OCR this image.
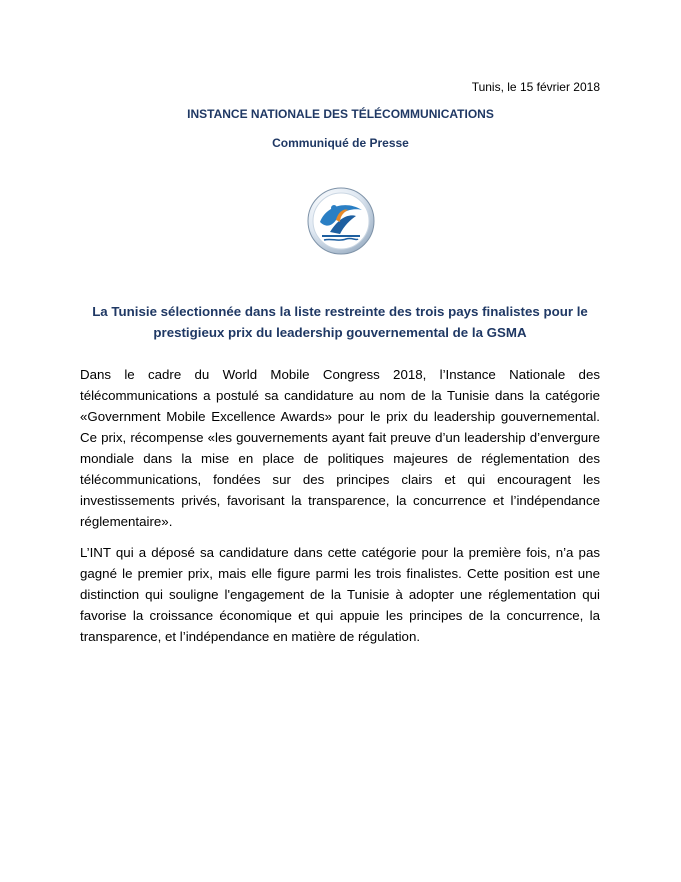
Tunis, le 15 février 2018
INSTANCE NATIONALE DES TÉLÉCOMMUNICATIONS
Communiqué de Presse
La Tunisie sélectionnée dans la liste restreinte des trois pays finalistes pour le prestigieux prix du leadership gouvernemental de la GSMA

Dans le cadre du World Mobile Congress 2018, l’Instance Nationale des télécommunications a postulé sa candidature au nom de la Tunisie dans la catégorie «Government Mobile Excellence Awards» pour le prix du leadership gouvernemental. Ce prix, récompense «les gouvernements ayant fait preuve d’un leadership d’envergure mondiale dans la mise en place de politiques majeures de réglementation des télécommunications, fondées sur des principes clairs et qui encouragent les investissements privés, favorisant la transparence, la concurrence et l’indépendance réglementaire».

L’INT qui a déposé sa candidature dans cette catégorie pour la première fois, n’a pas gagné le premier prix, mais elle figure parmi les trois finalistes. Cette position est une distinction qui souligne l'engagement de la Tunisie à adopter une réglementation qui favorise la croissance économique et qui appuie les principes de la concurrence, la transparence, et l’indépendance en matière de régulation.
